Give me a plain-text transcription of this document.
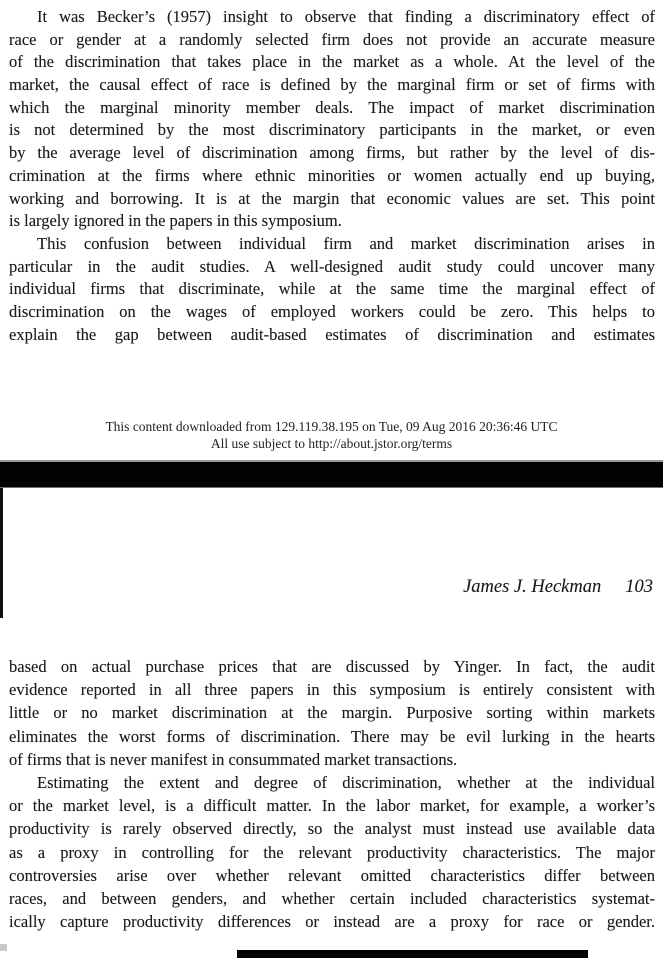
It was Becker’s (1957) insight to observe that finding a discriminatory effect of
race or gender at a randomly selected firm does not provide an accurate measure
of the discrimination that takes place in the market as a whole. At the level of the
market, the causal effect of race is defined by the marginal firm or set of firms with
which the marginal minority member deals. The impact of market discrimination
is not determined by the most discriminatory participants in the market, or even
by the average level of discrimination among firms, but rather by the level of dis-
crimination at the firms where ethnic minorities or women actually end up buying,
working and borrowing. It is at the margin that economic values are set. This point
is largely ignored in the papers in this symposium.
This confusion between individual firm and market discrimination arises in
particular in the audit studies. A well-designed audit study could uncover many
individual firms that discriminate, while at the same time the marginal effect of
discrimination on the wages of employed workers could be zero. This helps to
explain the gap between audit-based estimates of discrimination and estimates
This content downloaded from 129.119.38.195 on Tue, 09 Aug 2016 20:36:46 UTC
All use subject to http://about.jstor.org/terms
James J. Heckman 103
based on actual purchase prices that are discussed by Yinger. In fact, the audit
evidence reported in all three papers in this symposium is entirely consistent with
little or no market discrimination at the margin. Purposive sorting within markets
eliminates the worst forms of discrimination. There may be evil lurking in the hearts
of firms that is never manifest in consummated market transactions.
Estimating the extent and degree of discrimination, whether at the individual
or the market level, is a difficult matter. In the labor market, for example, a worker’s
productivity is rarely observed directly, so the analyst must instead use available data
as a proxy in controlling for the relevant productivity characteristics. The major
controversies arise over whether relevant omitted characteristics differ between
races, and between genders, and whether certain included characteristics systemat-
ically capture productivity differences or instead are a proxy for race or gender.
